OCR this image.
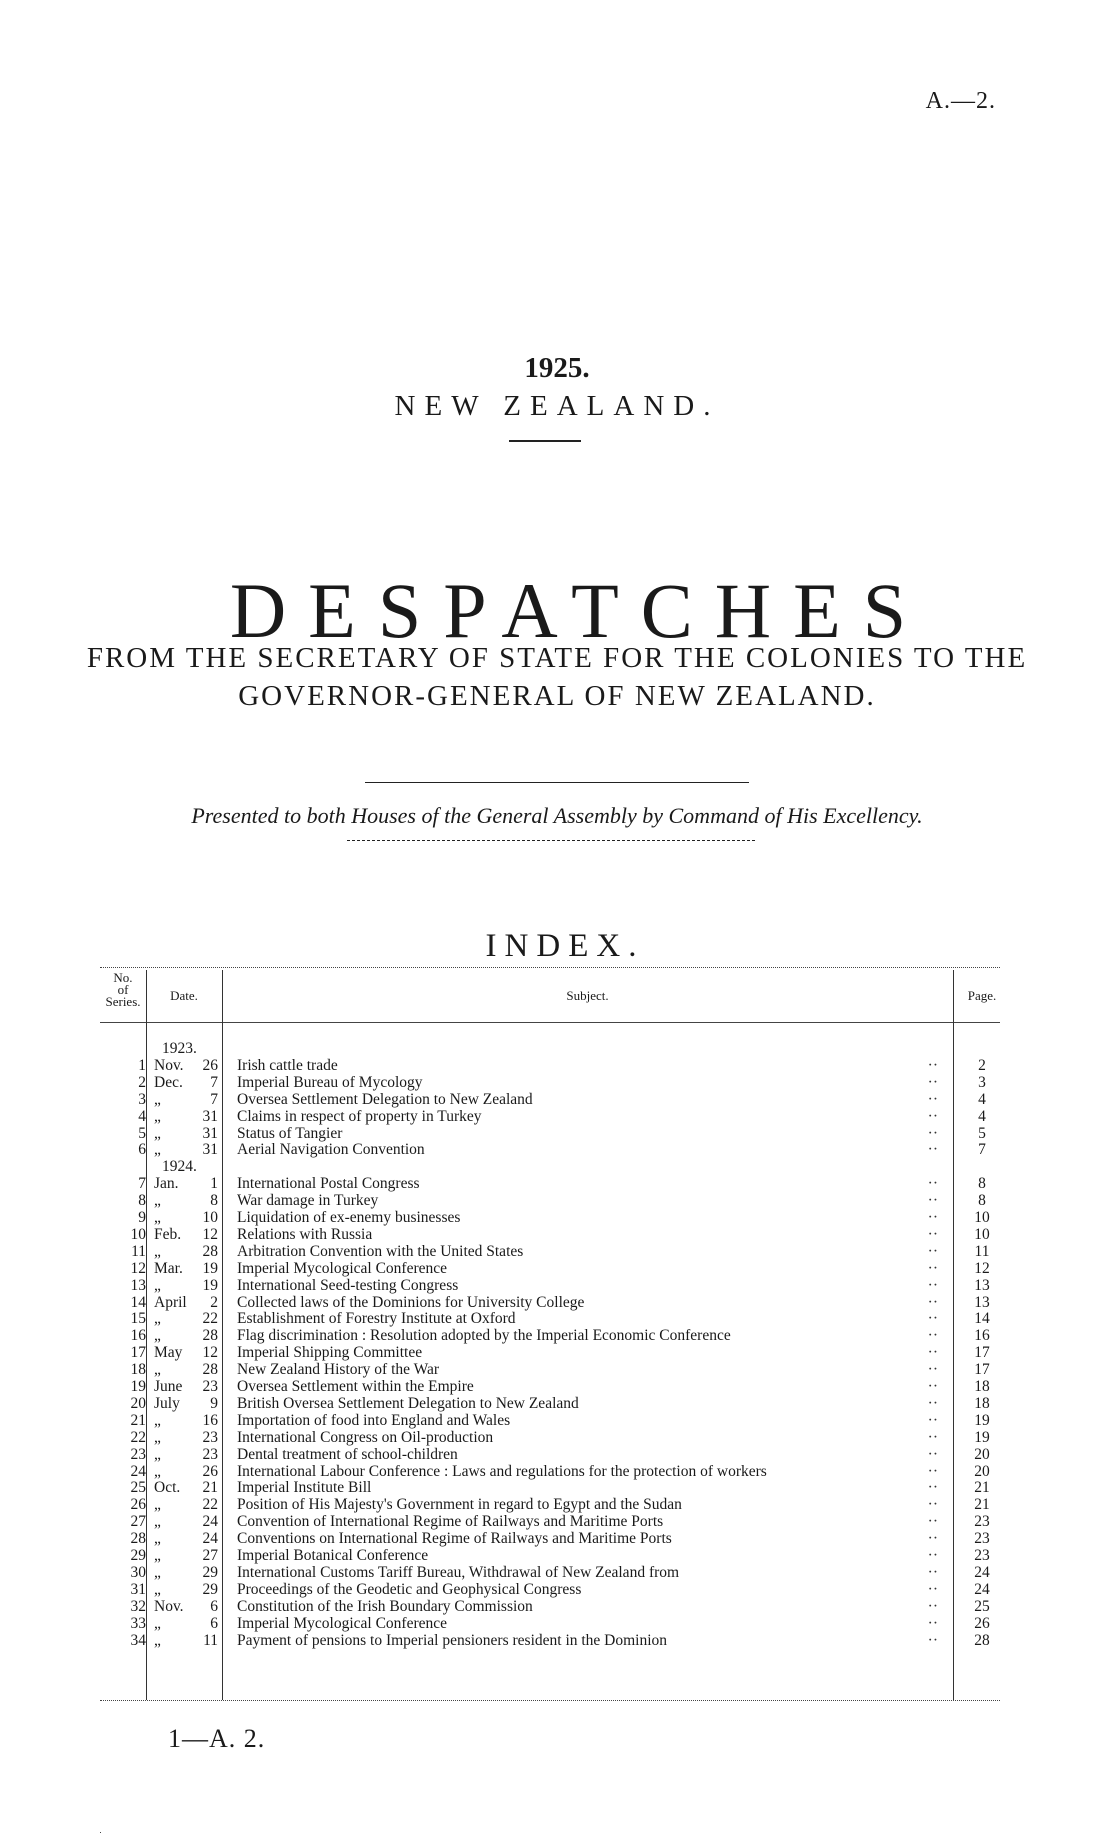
A.—2.
1925.
NEW ZEALAND.
DESPATCHES
FROM THE SECRETARY OF STATE FOR THE COLONIES TO THE
GOVERNOR-GENERAL OF NEW ZEALAND.
Presented to both Houses of the General Assembly by Command of His Excellency.
INDEX.
No.
of
Series.	Date.	Subject.	Page.
1923.
1 Nov.	26 Irish cattle trade	··	2
2 Dec.	7 Imperial Bureau of Mycology	··	3
3 „	7 Oversea Settlement Delegation to New Zealand	··	4
4 „	31 Claims in respect of property in Turkey	··	4
5 „	31 Status of Tangier	··	5
6 „	31 Aerial Navigation Convention	··	7
1924.
7 Jan.	1 International Postal Congress	··	8
8 „	8 War damage in Turkey	··	8
9 „	10 Liquidation of ex-enemy businesses	··	10
10 Feb.	12 Relations with Russia	··	10
11 „	28 Arbitration Convention with the United States	··	11
12 Mar.	19 Imperial Mycological Conference	··	12
13 „	19 International Seed-testing Congress	··	13
14 April	2 Collected laws of the Dominions for University College	··	13
15 „	22 Establishment of Forestry Institute at Oxford	··	14
16 „	28 Flag discrimination : Resolution adopted by the Imperial Economic Conference	··	16
17 May	12 Imperial Shipping Committee	··	17
18 „	28 New Zealand History of the War	··	17
19 June	23 Oversea Settlement within the Empire	··	18
20 July	9 British Oversea Settlement Delegation to New Zealand	··	18
21 „	16 Importation of food into England and Wales	··	19
22 „	23 International Congress on Oil-production	··	19
23 „	23 Dental treatment of school-children	··	20
24 „	26 International Labour Conference : Laws and regulations for the protection of workers	··	20
25 Oct.	21 Imperial Institute Bill	··	21
26 „	22 Position of His Majesty's Government in regard to Egypt and the Sudan	··	21
27 „	24 Convention of International Regime of Railways and Maritime Ports	··	23
28 „	24 Conventions on International Regime of Railways and Maritime Ports	··	23
29 „	27 Imperial Botanical Conference	··	23
30 „	29 International Customs Tariff Bureau, Withdrawal of New Zealand from	··	24
31 „	29 Proceedings of the Geodetic and Geophysical Congress	··	24
32 Nov.	6 Constitution of the Irish Boundary Commission	··	25
33 „	6 Imperial Mycological Conference	··	26
34 „	11 Payment of pensions to Imperial pensioners resident in the Dominion	··	28
1—A. 2.
